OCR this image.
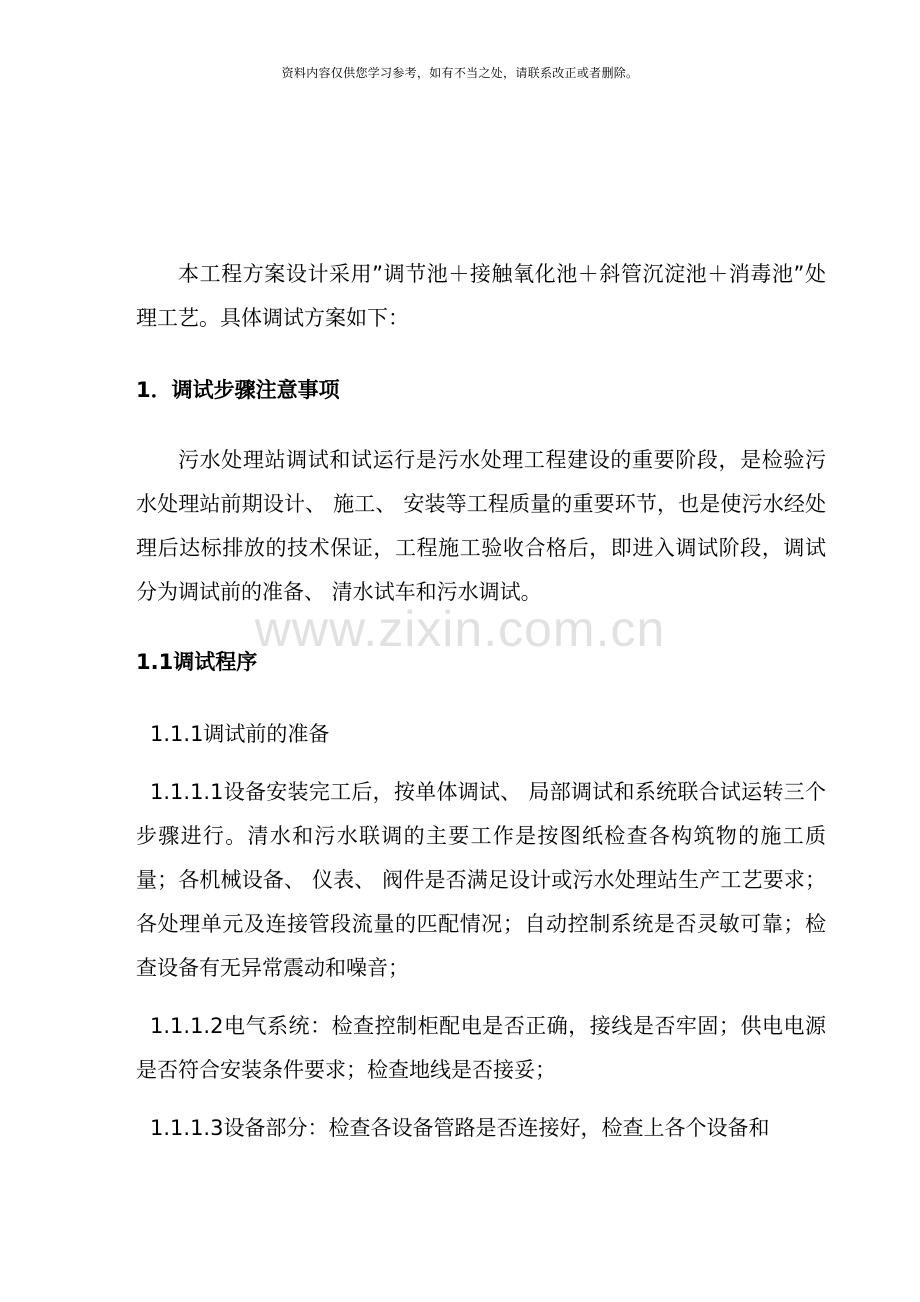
资料内容仅供您学习参考，如有不当之处，请联系改正或者删除。
www.zixin.com.cn

本工程方案设计采用”调节池＋接触氧化池＋斜管沉淀池＋消毒池”处理工艺。具体调试方案如下：

1．调试步骤注意事项

污水处理站调试和试运行是污水处理工程建设的重要阶段，是检验污水处理站前期设计、 施工、 安装等工程质量的重要环节，也是使污水经处理后达标排放的技术保证，工程施工验收合格后，即进入调试阶段，调试分为调试前的准备、 清水试车和污水调试。

1.1调试程序

1.1.1调试前的准备

1.1.1.1设备安装完工后，按单体调试、 局部调试和系统联合试运转三个步骤进行。清水和污水联调的主要工作是按图纸检查各构筑物的施工质量；各机械设备、 仪表、 阀件是否满足设计或污水处理站生产工艺要求；各处理单元及连接管段流量的匹配情况；自动控制系统是否灵敏可靠；检查设备有无异常震动和噪音；

1.1.1.2电气系统：检查控制柜配电是否正确，接线是否牢固；供电电源是否符合安装条件要求；检查地线是否接妥；

1.1.1.3设备部分：检查各设备管路是否连接好，检查上各个设备和
